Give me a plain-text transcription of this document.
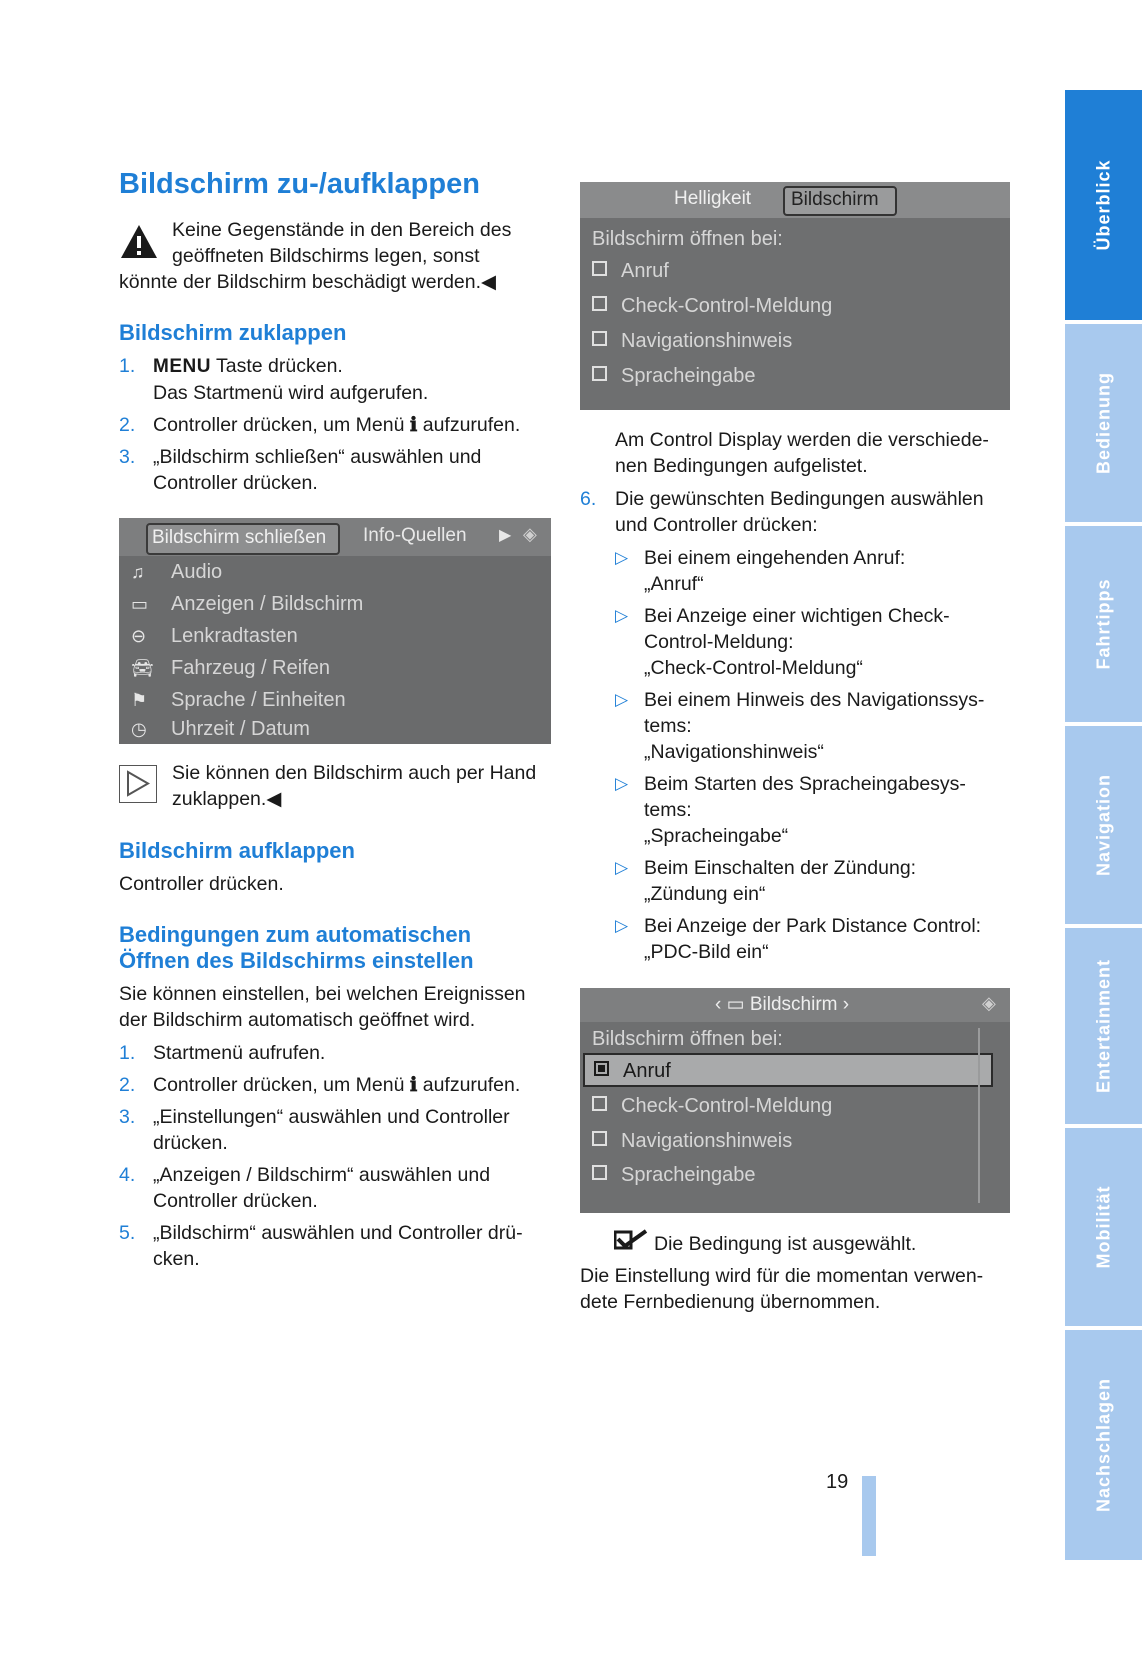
Bildschirm zu-/aufklappen
Keine Gegenstände in den Bereich des
geöffneten Bildschirms legen, sonst
könnte der Bildschirm beschädigt werden.◀
Bildschirm zuklappen
1. MENU Taste drücken.
Das Startmenü wird aufgerufen.
2. Controller drücken, um Menü ℹ aufzurufen.
3. „Bildschirm schließen“ auswählen und
Controller drücken.
Bildschirm schließen Info-Quellen ▶ ◈
♫ Audio
▭ Anzeigen / Bildschirm
⊖ Lenkradtasten
🚘︎ Fahrzeug / Reifen
⚑ Sprache / Einheiten
◷ Uhrzeit / Datum
Sie können den Bildschirm auch per Hand
zuklappen.◀
Bildschirm aufklappen
Controller drücken.
Bedingungen zum automatischen
Öffnen des Bildschirms einstellen
Sie können einstellen, bei welchen Ereignissen
der Bildschirm automatisch geöffnet wird.
1. Startmenü aufrufen.
2. Controller drücken, um Menü ℹ aufzurufen.
3. „Einstellungen“ auswählen und Controller
drücken.
4. „Anzeigen / Bildschirm“ auswählen und
Controller drücken.
5. „Bildschirm“ auswählen und Controller drü-
cken.
Helligkeit Bildschirm
Bildschirm öffnen bei:
Anruf
Check-Control-Meldung
Navigationshinweis
Spracheingabe
Am Control Display werden die verschiede-
nen Bedingungen aufgelistet.
6. Die gewünschten Bedingungen auswählen
und Controller drücken:
▷ Bei einem eingehenden Anruf:
„Anruf“
▷ Bei Anzeige einer wichtigen Check-
Control-Meldung:
„Check-Control-Meldung“
▷ Bei einem Hinweis des Navigationssys-
tems:
„Navigationshinweis“
▷ Beim Starten des Spracheingabesys-
tems:
„Spracheingabe“
▷ Beim Einschalten der Zündung:
„Zündung ein“
▷ Bei Anzeige der Park Distance Control:
„PDC-Bild ein“
‹ ▭ Bildschirm ›	◈
Bildschirm öffnen bei:
Anruf
Check-Control-Meldung
Navigationshinweis
Spracheingabe
Die Bedingung ist ausgewählt.
Die Einstellung wird für die momentan verwen-
dete Fernbedienung übernommen.
19
Überblick
Bedienung
Fahrtipps
Navigation
Entertainment
Mobilität
Nachschlagen
